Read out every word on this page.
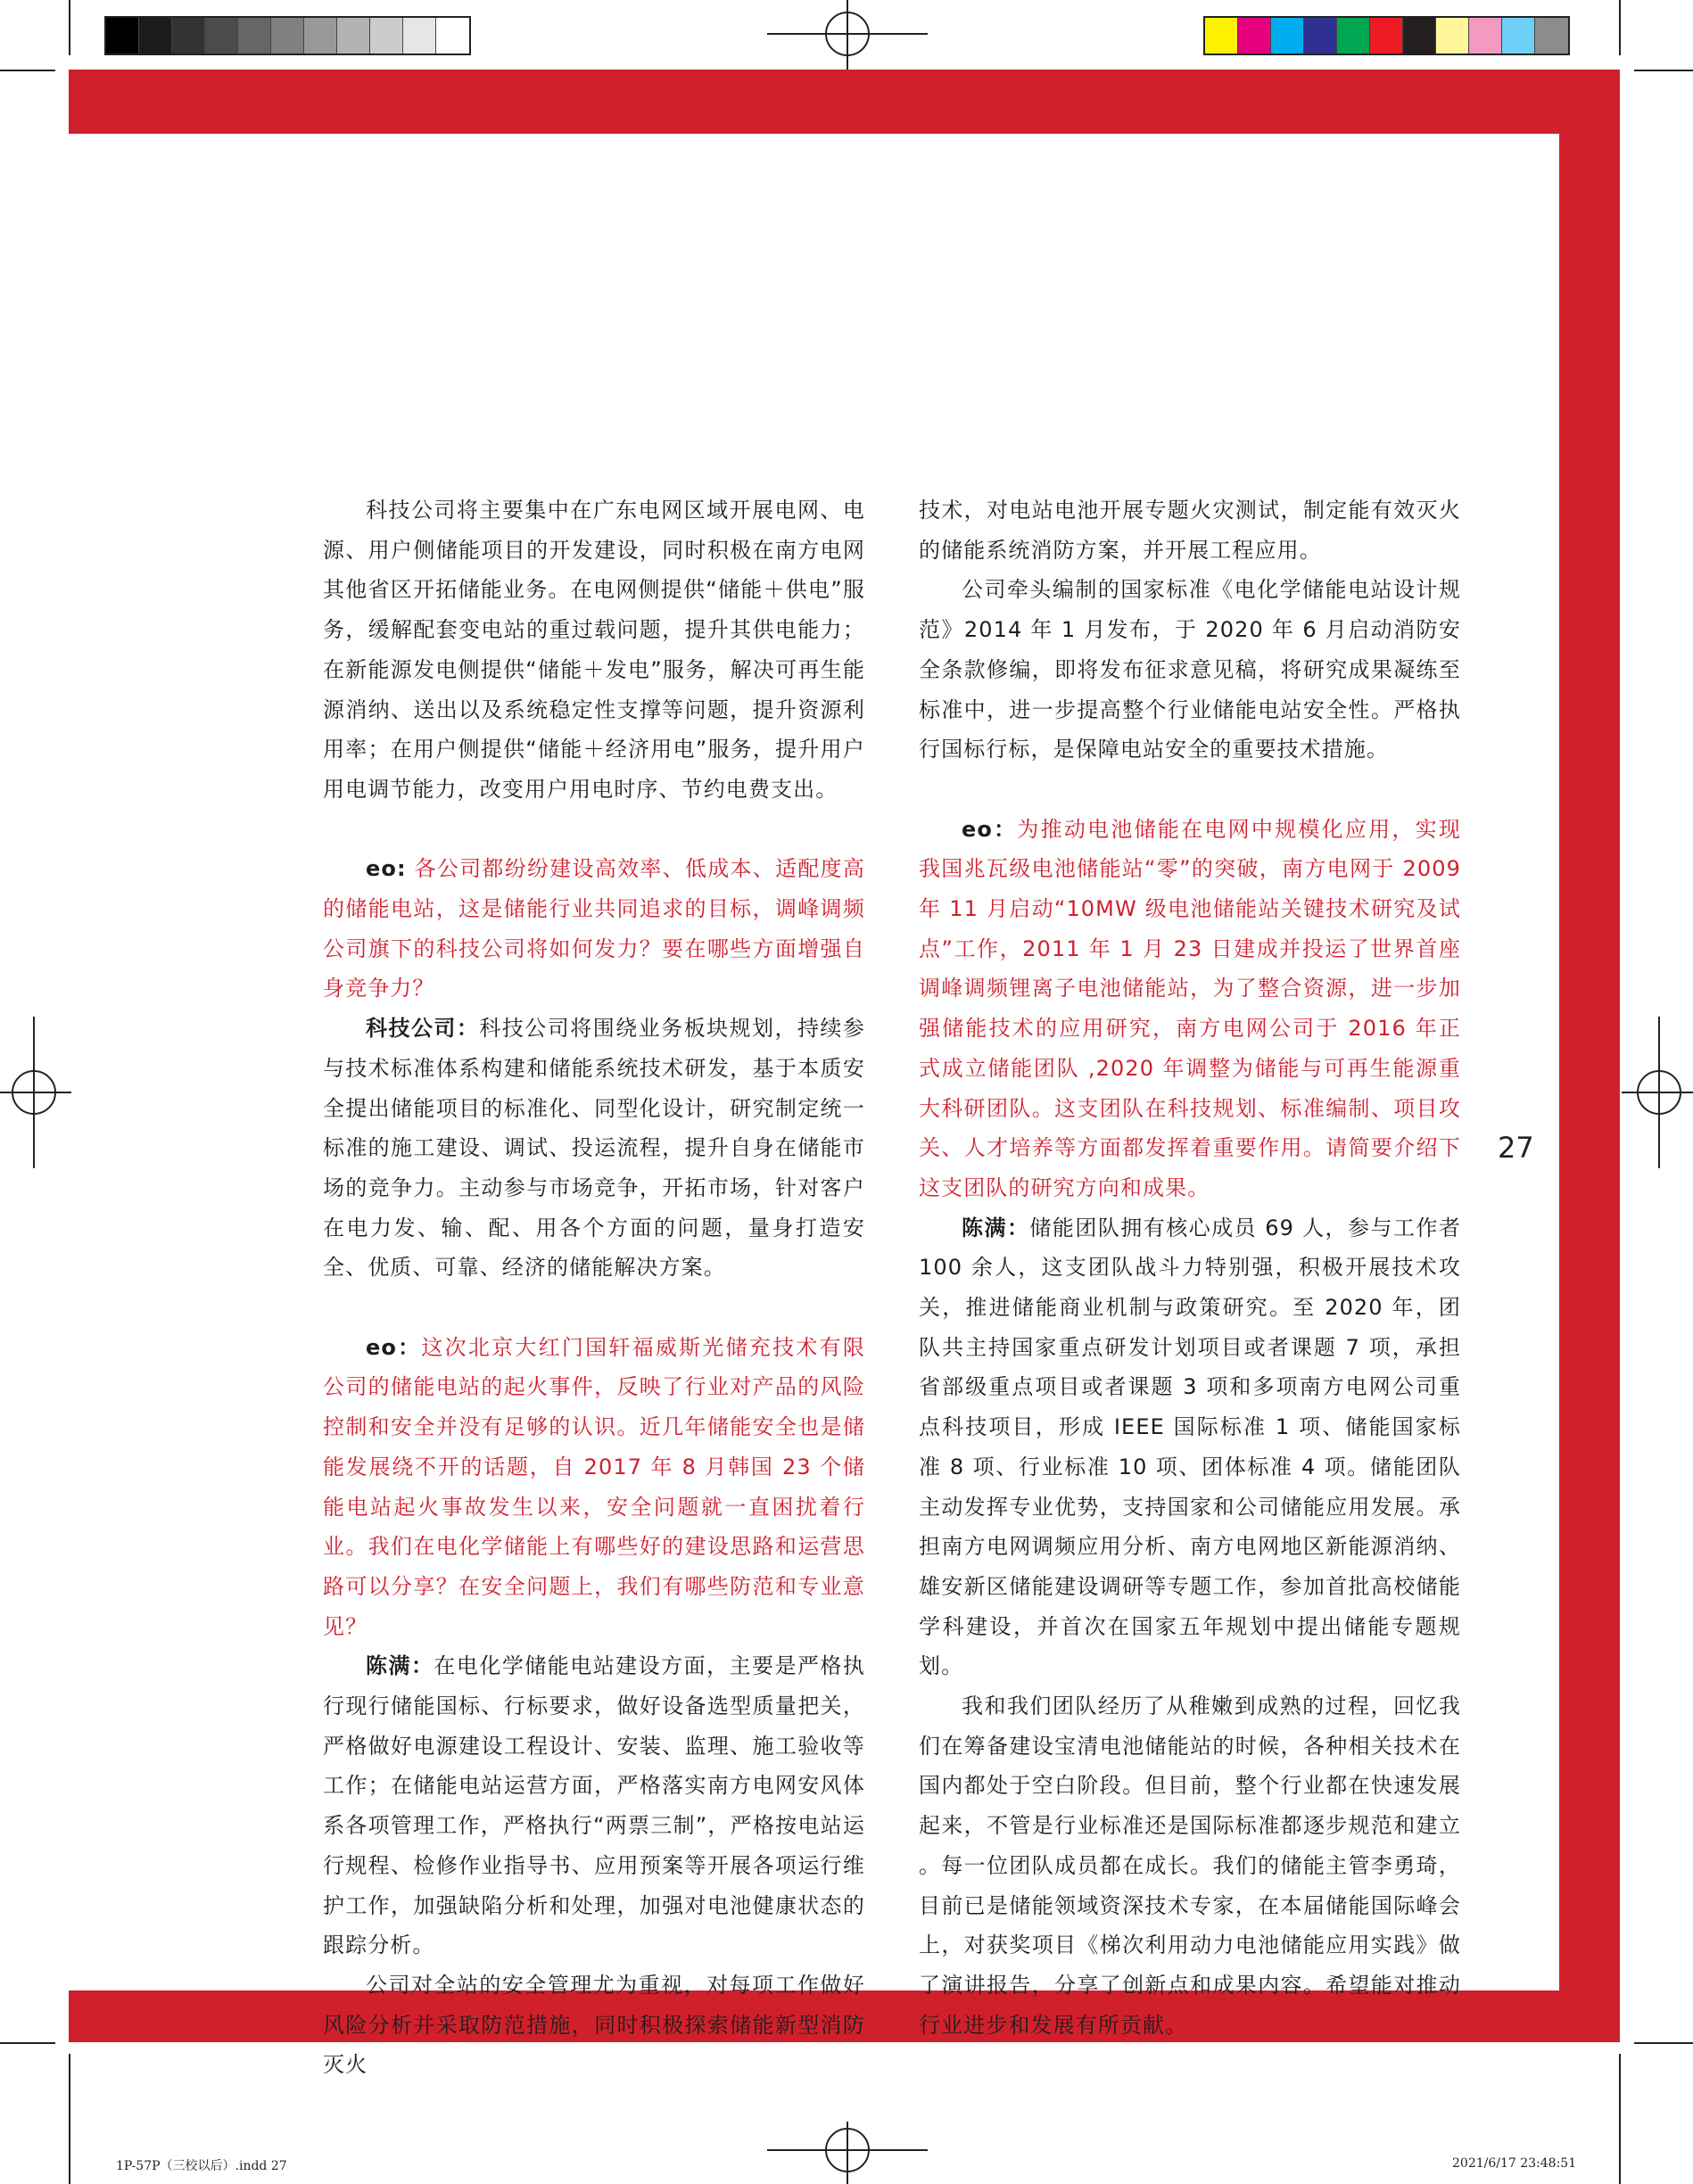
科技公司将主要集中在广东电网区域开展电网、电源、用户侧储能项目的开发建设，同时积极在南方电网其他省区开拓储能业务。在电网侧提供“储能＋供电”服务，缓解配套变电站的重过载问题，提升其供电能力；在新能源发电侧提供“储能＋发电”服务，解决可再生能源消纳、送出以及系统稳定性支撑等问题，提升资源利用率；在用户侧提供“储能＋经济用电”服务，提升用户用电调节能力，改变用户用电时序、节约电费支出。

eo: 各公司都纷纷建设高效率、低成本、适配度高的储能电站，这是储能行业共同追求的目标，调峰调频公司旗下的科技公司将如何发力？要在哪些方面增强自身竞争力？

科技公司：科技公司将围绕业务板块规划，持续参与技术标准体系构建和储能系统技术研发，基于本质安全提出储能项目的标准化、同型化设计，研究制定统一标准的施工建设、调试、投运流程，提升自身在储能市场的竞争力。主动参与市场竞争，开拓市场，针对客户在电力发、输、配、用各个方面的问题，量身打造安全、优质、可靠、经济的储能解决方案。

eo：这次北京大红门国轩福威斯光储充技术有限公司的储能电站的起火事件，反映了行业对产品的风险控制和安全并没有足够的认识。近几年储能安全也是储能发展绕不开的话题，自 2017 年 8 月韩国 23 个储能电站起火事故发生以来，安全问题就一直困扰着行业。我们在电化学储能上有哪些好的建设思路和运营思路可以分享？在安全问题上，我们有哪些防范和专业意见？

陈满：在电化学储能电站建设方面，主要是严格执行现行储能国标、行标要求，做好设备选型质量把关，严格做好电源建设工程设计、安装、监理、施工验收等工作；在储能电站运营方面，严格落实南方电网安风体系各项管理工作，严格执行“两票三制”，严格按电站运行规程、检修作业指导书、应用预案等开展各项运行维护工作，加强缺陷分析和处理，加强对电池健康状态的跟踪分析。

公司对全站的安全管理尤为重视，对每项工作做好风险分析并采取防范措施，同时积极探索储能新型消防灭火

技术，对电站电池开展专题火灾测试，制定能有效灭火的储能系统消防方案，并开展工程应用。

公司牵头编制的国家标准《电化学储能电站设计规范》2014 年 1 月发布，于 2020 年 6 月启动消防安全条款修编，即将发布征求意见稿，将研究成果凝练至标准中，进一步提高整个行业储能电站安全性。严格执行国标行标，是保障电站安全的重要技术措施。

eo：为推动电池储能在电网中规模化应用，实现我国兆瓦级电池储能站“零”的突破，南方电网于 2009 年 11 月启动“10MW 级电池储能站关键技术研究及试点”工作，2011 年 1 月 23 日建成并投运了世界首座调峰调频锂离子电池储能站，为了整合资源，进一步加强储能技术的应用研究，南方电网公司于 2016 年正式成立储能团队 ,2020 年调整为储能与可再生能源重大科研团队。这支团队在科技规划、标准编制、项目攻关、人才培养等方面都发挥着重要作用。请简要介绍下这支团队的研究方向和成果。

陈满：储能团队拥有核心成员 69 人，参与工作者 100 余人，这支团队战斗力特别强，积极开展技术攻关，推进储能商业机制与政策研究。至 2020 年，团队共主持国家重点研发计划项目或者课题 7 项，承担省部级重点项目或者课题 3 项和多项南方电网公司重点科技项目，形成 IEEE 国际标准 1 项、储能国家标准 8 项、行业标准 10 项、团体标准 4 项。储能团队主动发挥专业优势，支持国家和公司储能应用发展。承担南方电网调频应用分析、南方电网地区新能源消纳、雄安新区储能建设调研等专题工作，参加首批高校储能学科建设，并首次在国家五年规划中提出储能专题规划。

我和我们团队经历了从稚嫩到成熟的过程，回忆我们在筹备建设宝清电池储能站的时候，各种相关技术在国内都处于空白阶段。但目前，整个行业都在快速发展起来，不管是行业标准还是国际标准都逐步规范和建立 。每一位团队成员都在成长。我们的储能主管李勇琦，目前已是储能领域资深技术专家，在本届储能国际峰会上，对获奖项目《梯次利用动力电池储能应用实践》做了演讲报告，分享了创新点和成果内容。希望能对推动行业进步和发展有所贡献。

27
1P-57P（三校以后）.indd 27	2021/6/17 23:48:51
